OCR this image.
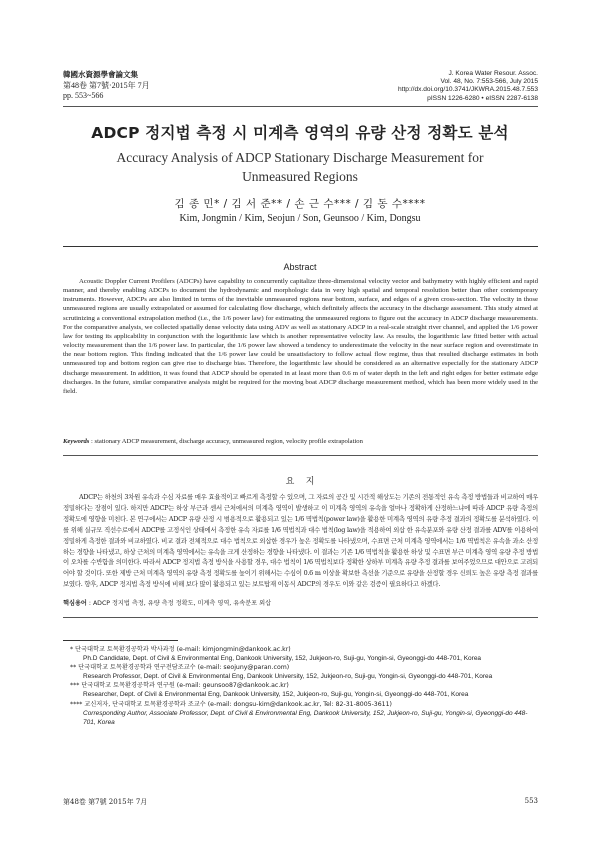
韓國水資源學會論文集
第48卷 第7號·2015年 7月
pp. 553~566
J. Korea Water Resour. Assoc.
Vol. 48, No. 7:553-566, July 2015
http://dx.doi.org/10.3741/JKWRA.2015.48.7.553
pISSN 1226-6280 • eISSN 2287-6138
ADCP 정지법 측정 시 미계측 영역의 유량 산정 정확도 분석
Accuracy Analysis of ADCP Stationary Discharge Measurement for
Unmeasured Regions
김 종 민* / 김 서 준** / 손 근 수*** / 김 동 수****
Kim, Jongmin / Kim, Seojun / Son, Geunsoo / Kim, Dongsu
Abstract
Acoustic Doppler Current Profilers (ADCPs) have capability to concurrently capitalize three-dimensional velocity vector and bathymetry with highly efficient and rapid manner, and thereby enabling ADCPs to document the hydrodynamic and morphologic data in very high spatial and temporal resolution better than other contemporary instruments. However, ADCPs are also limited in terms of the inevitable unmeasured regions near bottom, surface, and edges of a given cross-section. The velocity in those unmeasured regions are usually extrapolated or assumed for calculating flow discharge, which definitely affects the accuracy in the discharge assessment. This study aimed at scrutinizing a conventional extrapolation method (i.e., the 1/6 power law) for estimating the unmeasured regions to figure out the accuracy in ADCP discharge measurements. For the comparative analysis, we collected spatially dense velocity data using ADV as well as stationary ADCP in a real-scale straight river channel, and applied the 1/6 power law for testing its applicability in conjunction with the logarithmic law which is another representative velocity law. As results, the logarithmic law fitted better with actual velocity measurement than the 1/6 power law. In particular, the 1/6 power law showed a tendency to underestimate the velocity in the near surface region and overestimate in the near bottom region. This finding indicated that the 1/6 power law could be unsatisfactory to follow actual flow regime, thus that resulted discharge estimates in both unmeasured top and bottom region can give rise to discharge bias. Therefore, the logarithmic law should be considered as an alternative especially for the stationary ADCP discharge measurement. In addition, it was found that ADCP should be operated in at least more than 0.6 m of water depth in the left and right edges for better estimate edge discharges. In the future, similar comparative analysis might be required for the moving boat ADCP discharge measurement method, which has been more widely used in the field.
Keywords : stationary ADCP measurement, discharge accuracy, unmeasured region, velocity profile extrapolation
요    지
ADCP는 하천의 3차원 유속과 수심 자료를 매우 효율적이고 빠르게 측정할 수 있으며, 그 자료의 공간 및 시간적 해상도는 기존의 전통적인 유속 측정 방법들과 비교하여 매우 정밀하다는 장점이 있다. 하지만 ADCP는 하상 부근과 센서 근처에서의 미계측 영역이 발생하고 이 미계측 영역의 유속을 얼마나 정확하게 산정하느냐에 따라 ADCP 유량 측정의 정확도에 영향을 미친다. 본 연구에서는 ADCP 유량 산정 시 범용적으로 활용되고 있는 1/6 멱법칙(power law)을 활용한 미계측 영역의 유량 추정 결과의 정확도를 분석하였다. 이를 위해 실규모 직선수로에서 ADCP를 고정식인 상태에서 측정한 유속 자료를 1/6 멱법칙과 대수 법칙(log law)을 적용하여 외삽 한 유속분포와 유량 산정 결과를 ADV를 이용하여 정밀하게 측정한 결과와 비교하였다. 비교 결과 전체적으로 대수 법칙으로 외삽한 경우가 높은 정확도를 나타냈으며, 수표면 근처 미계측 영역에서는 1/6 멱법칙은 유속을 과소 산정하는 경향을 나타냈고, 하상 근처의 미계측 영역에서는 유속을 크게 산정하는 경향을 나타냈다. 이 결과는 기존 1/6 멱법칙을 활용한 하상 및 수표면 부근 미계측 영역 유량 추정 방법이 오차를 수반함을 의미한다. 따라서 ADCP 정지법 측정 방식을 사용할 경우, 대수 법칙이 1/6 멱법칙보다 정확한 상하부 미계측 유량 추정 결과를 보여주었으므로 대안으로 고려되어야 할 것이다. 또한 제방 근처 미계측 영역의 유량 측정 정확도를 높이기 위해서는 수심이 0.6 m 이상을 확보한 측선을 기준으로 유량을 산정할 경우 신뢰도 높은 유량 측정 결과를 보였다. 향후, ADCP 정지법 측정 방식에 비해 보다 많이 활용되고 있는 보트탑재 이동식 ADCP의 경우도 이와 같은 검증이 필요하다고 하겠다.
핵심용어 : ADCP 정지법 측정, 유량 측정 정확도, 미계측 영역, 유속분포 외삽
* 단국대학교 토목환경공학과 박사과정 (e-mail: kimjongmin@dankook.ac.kr)
Ph.D Candidate, Dept. of Civil & Environmental Eng, Dankook University, 152, Jukjeon-ro, Suji-gu, Yongin-si, Gyeonggi-do 448-701, Korea
** 단국대학교 토목환경공학과 연구전담조교수 (e-mail: seojuny@paran.com)
Research Professor, Dept. of Civil & Environmental Eng, Dankook University, 152, Jukjeon-ro, Suji-gu, Yongin-si, Gyeonggi-do 448-701, Korea
*** 단국대학교 토목환경공학과 연구원 (e-mail: geunsoo87@dankook.ac.kr)
Researcher, Dept. of Civil & Environmental Eng, Dankook University, 152, Jukjeon-ro, Suji-gu, Yongin-si, Gyeonggi-do 448-701, Korea
**** 교신저자, 단국대학교 토목환경공학과 조교수 (e-mail: dongsu-kim@dankook.ac.kr, Tel: 82-31-8005-3611)
Corresponding Author, Associate Professor, Dept. of Civil & Environmental Eng, Dankook University, 152, Jukjeon-ro, Suji-gu, Yongin-si, Gyeonggi-do 448-701, Korea
第48卷 第7號 2015年 7月	553
